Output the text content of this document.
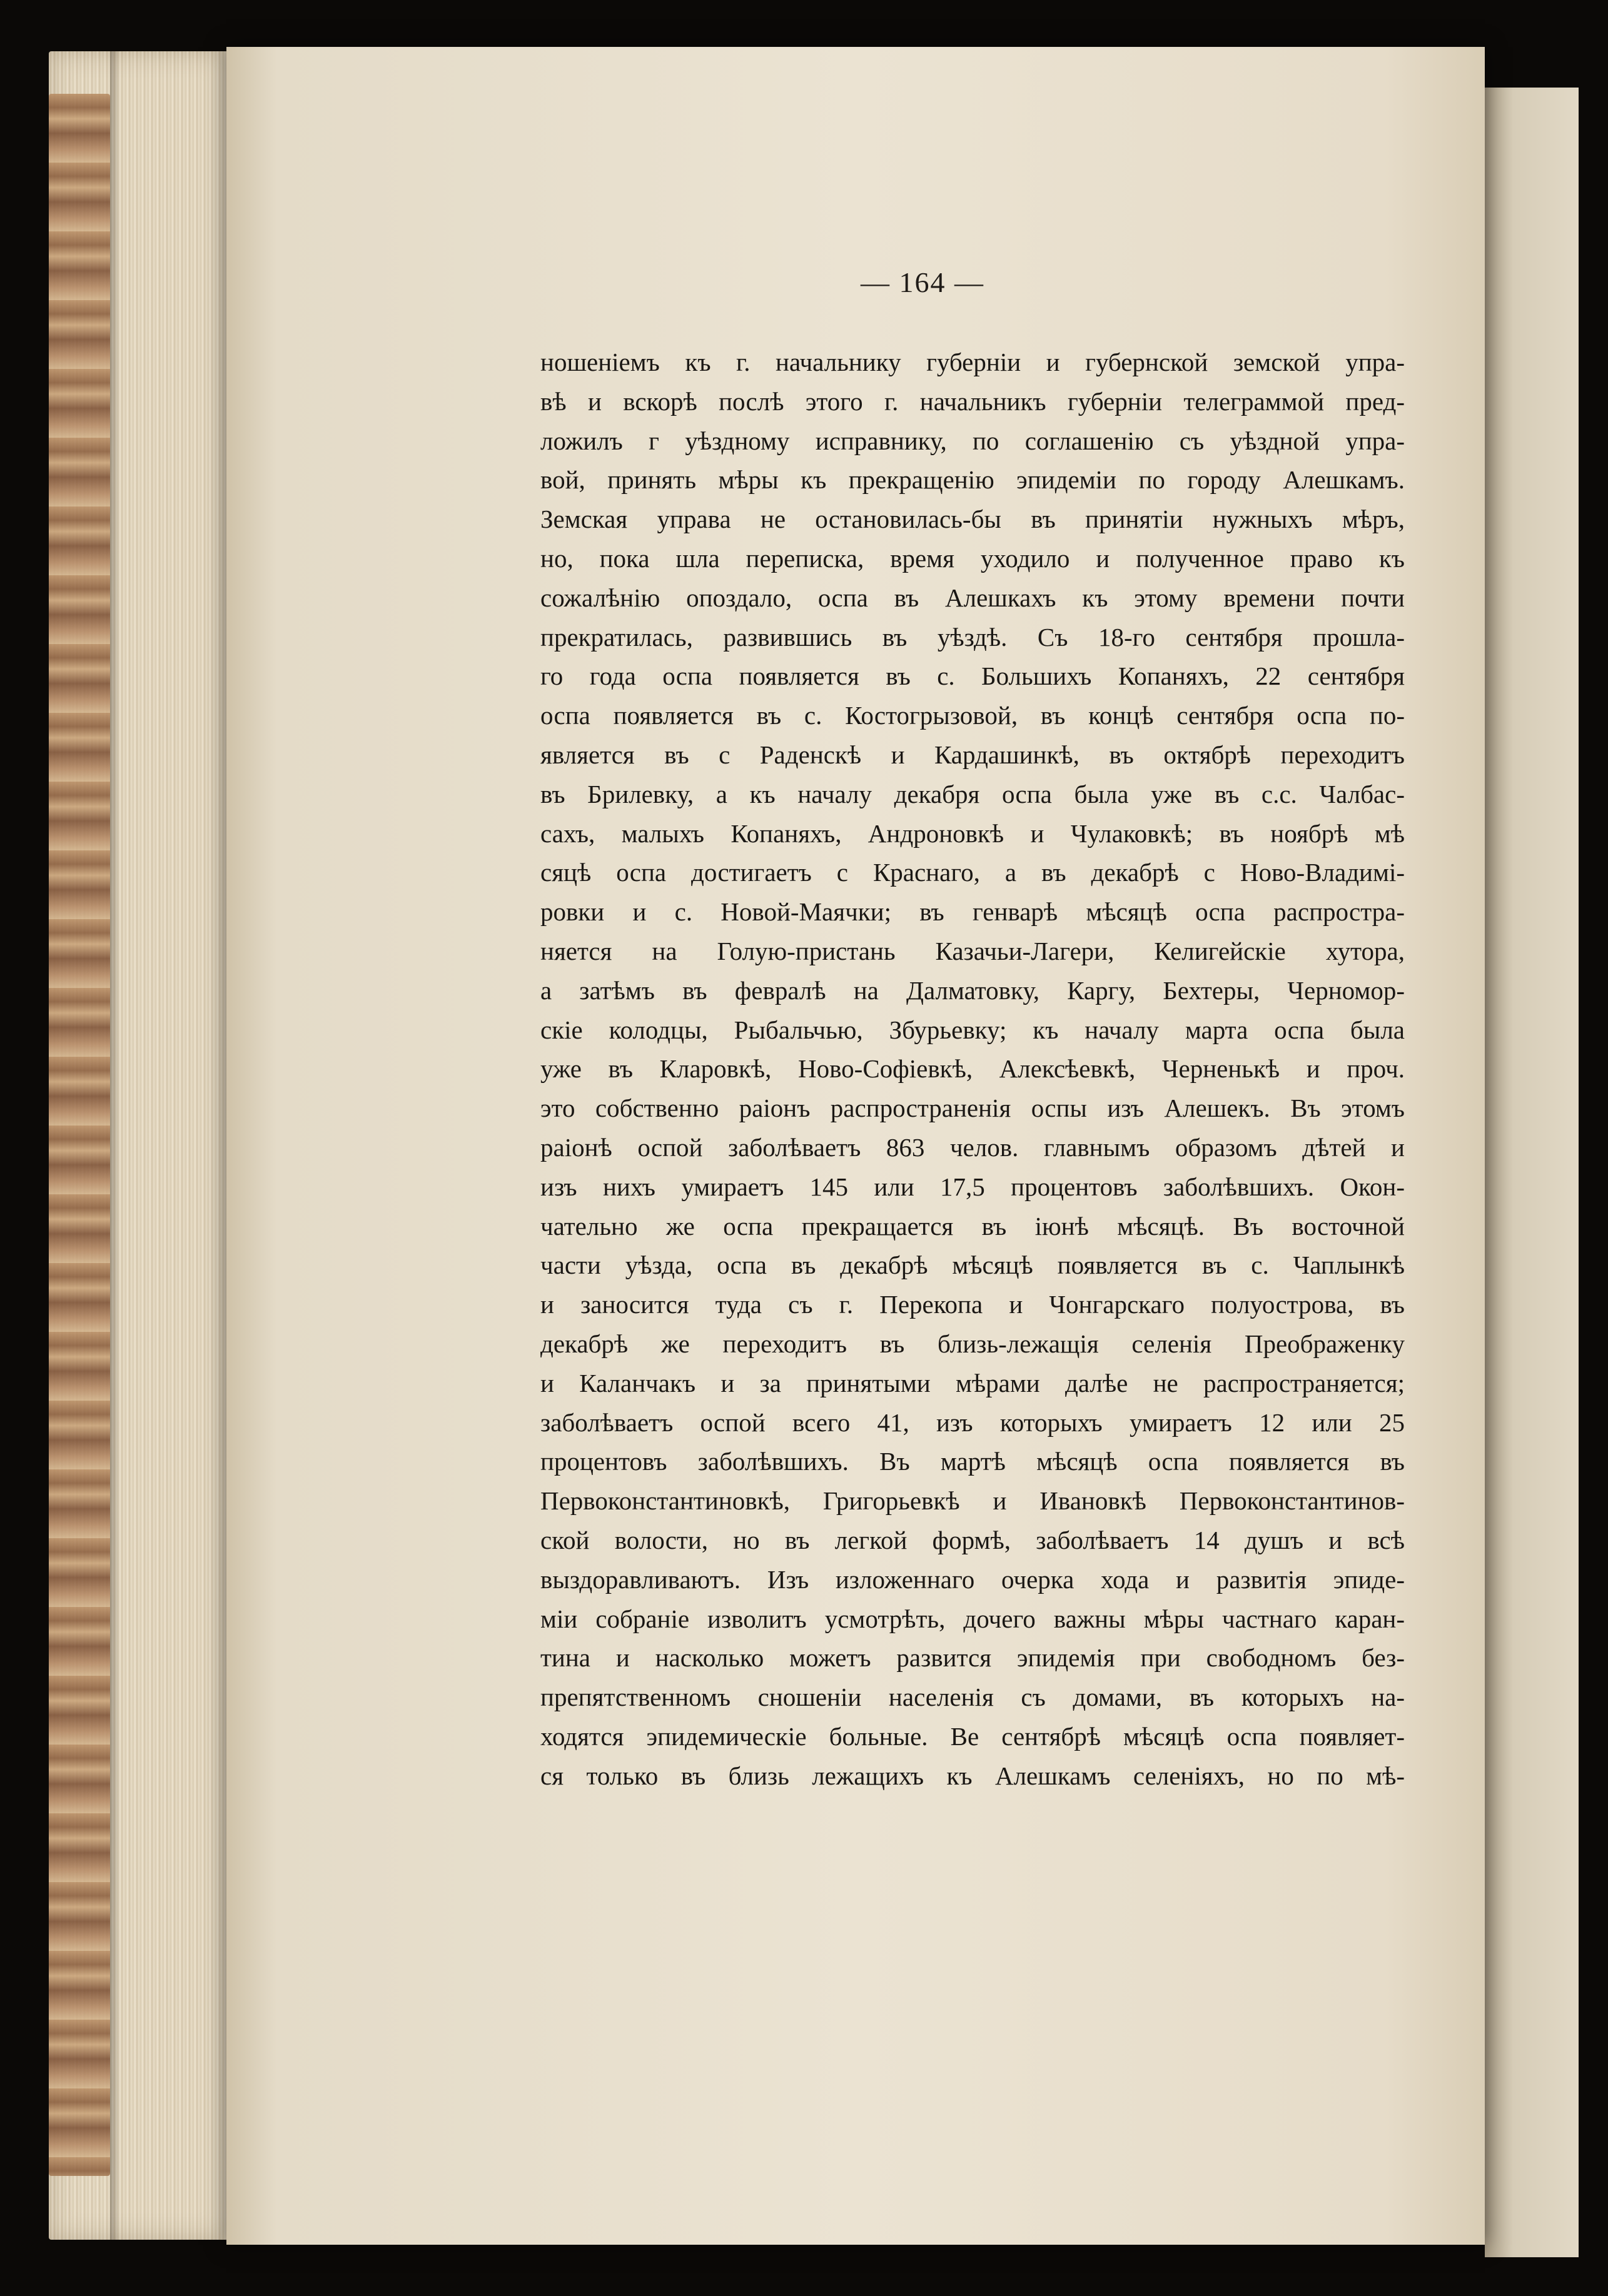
— 164 —
ношеніемъ къ г. начальнику губерніи и губернской земской упра-
вѣ и вскорѣ послѣ этого г. начальникъ губерніи телеграммой пред-
ложилъ г уѣздному исправнику, по соглашенію съ уѣздной упра-
вой, принять мѣры къ прекращенію эпидеміи по городу Алешкамъ.
Земская управа не остановилась-бы въ принятіи нужныхъ мѣръ,
но, пока шла переписка, время уходило и полученное право къ
сожалѣнію опоздало, оспа въ Алешкахъ къ этому времени почти
прекратилась, развившись въ уѣздѣ. Съ 18-го сентября прошла-
го года оспа появляется въ с. Большихъ Копаняхъ, 22 сентября
оспа появляется въ с. Костогрызовой, въ концѣ сентября оспа по-
является въ с Раденскѣ и Кардашинкѣ, въ октябрѣ переходитъ
въ Брилевку, а къ началу декабря оспа была уже въ с.с. Чалбас-
сахъ, малыхъ Копаняхъ, Андроновкѣ и Чулаковкѣ; въ ноябрѣ мѣ
сяцѣ оспа достигаетъ с Краснаго, а въ декабрѣ с Ново-Владимі-
ровки и с. Новой-Маячки; въ генварѣ мѣсяцѣ оспа распростра-
няется на Голую-пристань Казачьи-Лагери, Келигейскіе хутора,
а затѣмъ въ февралѣ на Далматовку, Каргу, Бехтеры, Черномор-
скіе колодцы, Рыбальчью, Збурьевку; къ началу марта оспа была
уже въ Кларовкѣ, Ново-Софіевкѣ, Алексѣевкѣ, Черненькѣ и проч.
это собственно раіонъ распространенія оспы изъ Алешекъ. Въ этомъ
раіонѣ оспой заболѣваетъ 863 челов. главнымъ образомъ дѣтей и
изъ нихъ умираетъ 145 или 17,5 процентовъ заболѣвшихъ. Окон-
чательно же оспа прекращается въ іюнѣ мѣсяцѣ. Въ восточной
части уѣзда, оспа въ декабрѣ мѣсяцѣ появляется въ с. Чаплынкѣ
и заносится туда съ г. Перекопа и Чонгарскаго полуострова, въ
декабрѣ же переходитъ въ близь-лежащія селенія Преображенку
и Каланчакъ и за принятыми мѣрами далѣе не распространяется;
заболѣваетъ оспой всего 41, изъ которыхъ умираетъ 12 или 25
процентовъ заболѣвшихъ. Въ мартѣ мѣсяцѣ оспа появляется въ
Первоконстантиновкѣ, Григорьевкѣ и Ивановкѣ Первоконстантинов-
ской волости, но въ легкой формѣ, заболѣваетъ 14 душъ и всѣ
выздоравливаютъ. Изъ изложеннаго очерка хода и развитія эпиде-
міи собраніе изволитъ усмотрѣть, дочего важны мѣры частнаго каран-
тина и насколько можетъ развится эпидемія при свободномъ без-
препятственномъ сношеніи населенія съ домами, въ которыхъ на-
ходятся эпидемическіе больные. Ве сентябрѣ мѣсяцѣ оспа появляет-
ся только въ близь лежащихъ къ Алешкамъ селеніяхъ, но по мѣ-
